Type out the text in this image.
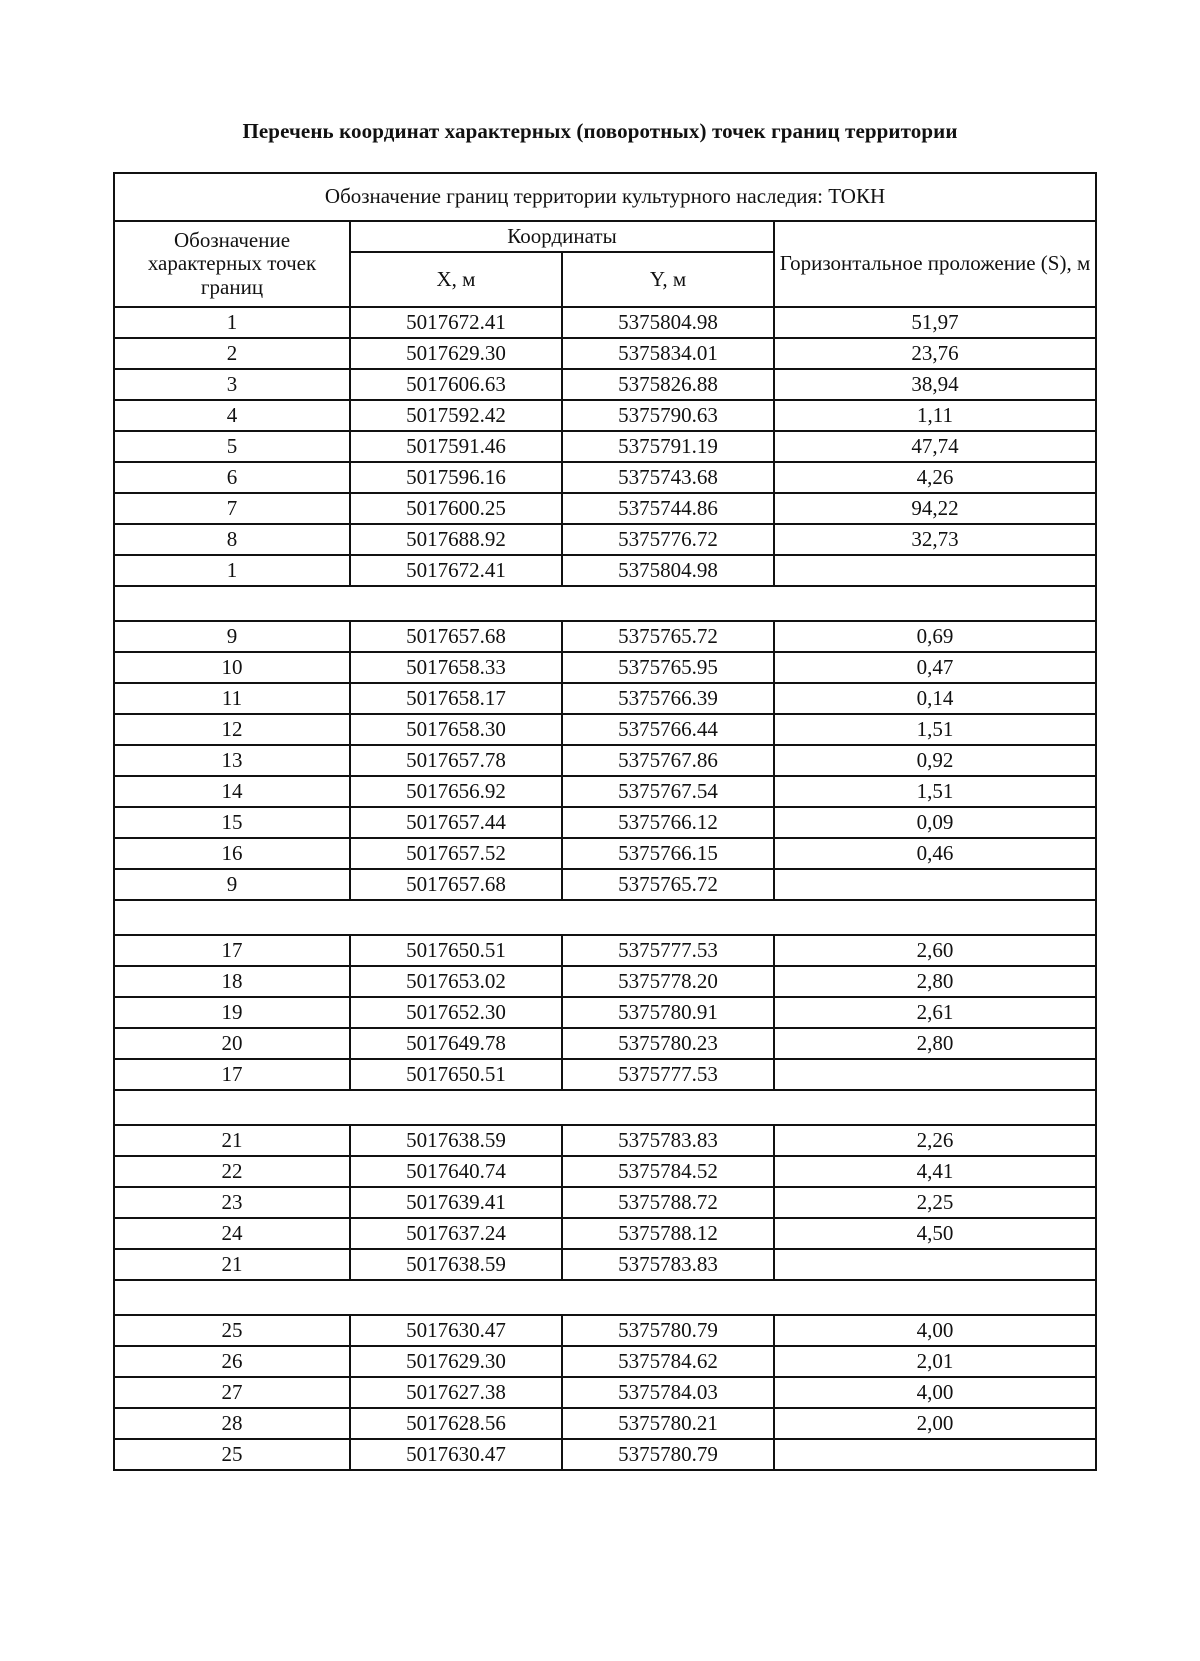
Перечень координат характерных (поворотных) точек границ территории
Обозначение границ территории культурного наследия: ТОКН			
Обозначение характерных точек границ	Координаты		Горизонтальное проложение (S), м
	X, м	Y, м	
1	5017672.41	5375804.98	51,97
2	5017629.30	5375834.01	23,76
3	5017606.63	5375826.88	38,94
4	5017592.42	5375790.63	1,11
5	5017591.46	5375791.19	47,74
6	5017596.16	5375743.68	4,26
7	5017600.25	5375744.86	94,22
8	5017688.92	5375776.72	32,73
1	5017672.41	5375804.98	

9	5017657.68	5375765.72	0,69
10	5017658.33	5375765.95	0,47
11	5017658.17	5375766.39	0,14
12	5017658.30	5375766.44	1,51
13	5017657.78	5375767.86	0,92
14	5017656.92	5375767.54	1,51
15	5017657.44	5375766.12	0,09
16	5017657.52	5375766.15	0,46
9	5017657.68	5375765.72	

17	5017650.51	5375777.53	2,60
18	5017653.02	5375778.20	2,80
19	5017652.30	5375780.91	2,61
20	5017649.78	5375780.23	2,80
17	5017650.51	5375777.53	

21	5017638.59	5375783.83	2,26
22	5017640.74	5375784.52	4,41
23	5017639.41	5375788.72	2,25
24	5017637.24	5375788.12	4,50
21	5017638.59	5375783.83	

25	5017630.47	5375780.79	4,00
26	5017629.30	5375784.62	2,01
27	5017627.38	5375784.03	4,00
28	5017628.56	5375780.21	2,00
25	5017630.47	5375780.79	
